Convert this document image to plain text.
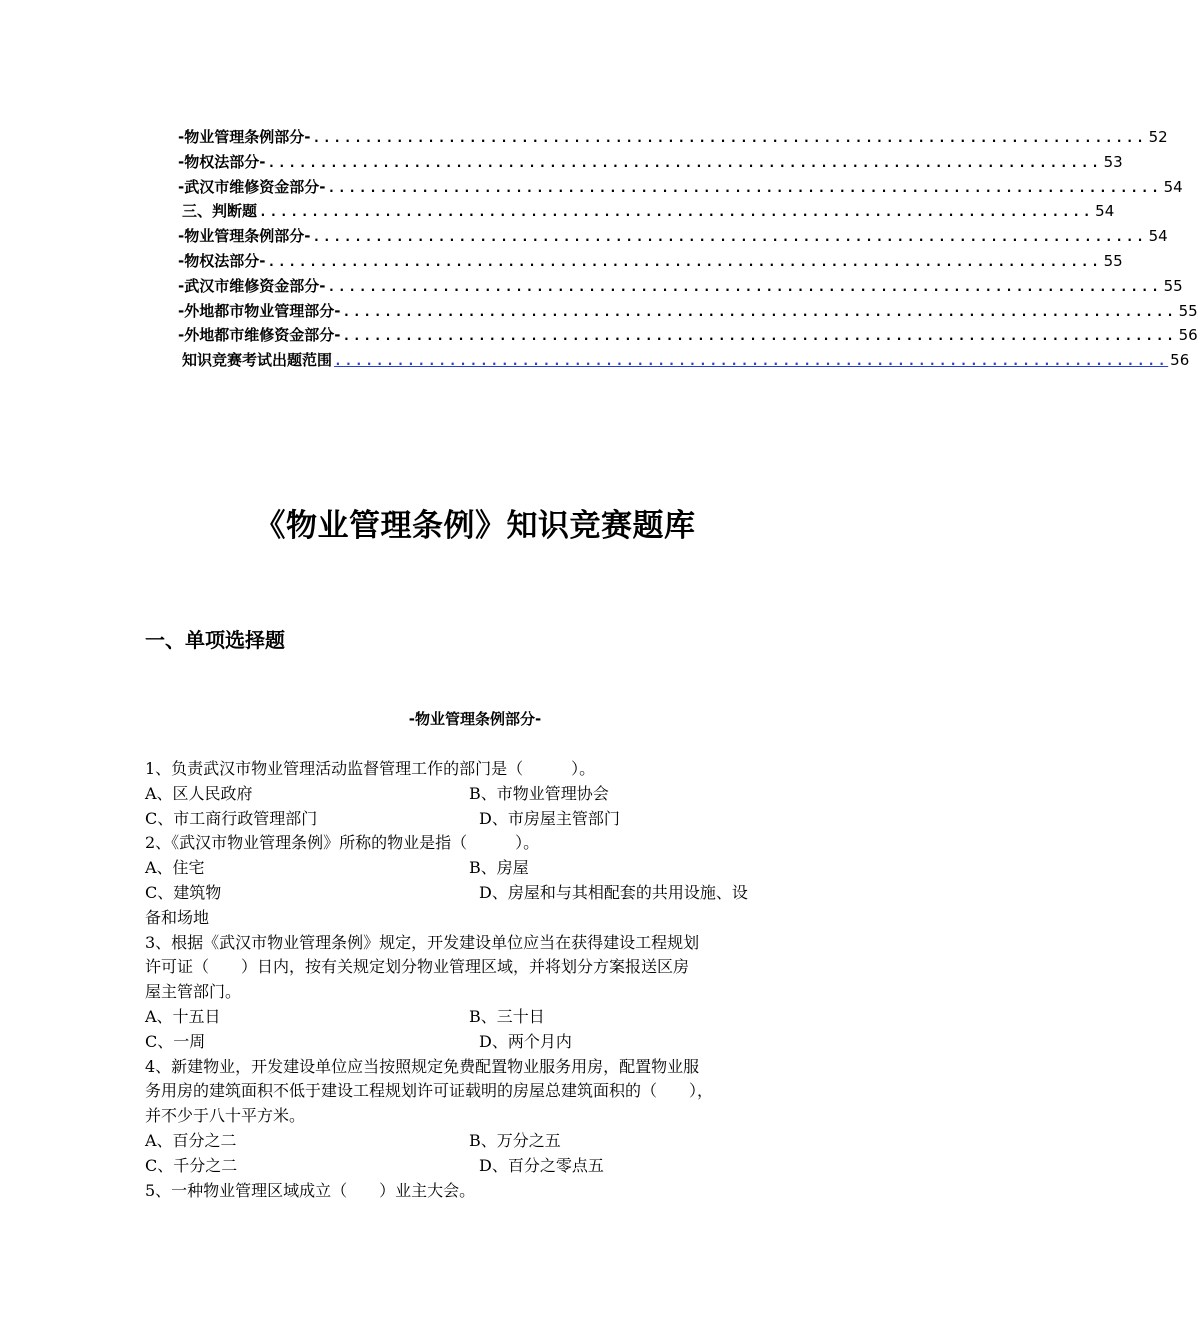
-物业管理条例部分- ................................................................................ 52
-物权法部分- ................................................................................ 53
-武汉市维修资金部分- ................................................................................ 54
三、判断题 ................................................................................ 54
-物业管理条例部分- ................................................................................ 54
-物权法部分- ................................................................................ 55
-武汉市维修资金部分- ................................................................................ 55
-外地都市物业管理部分- ................................................................................ 55
-外地都市维修资金部分- ................................................................................ 56
知识竞赛考试出题范围 ................................................................................ 56
《物业管理条例》知识竞赛题库
一、单项选择题
-物业管理条例部分-
1、负责武汉市物业管理活动监督管理工作的部门是（　　　）。
A、区人民政府	B、市物业管理协会
C、市工商行政管理部门	D、市房屋主管部门
2、《武汉市物业管理条例》所称的物业是指（　　　）。
A、住宅	B、房屋
C、建筑物	D、房屋和与其相配套的共用设施、设
备和场地
3、根据《武汉市物业管理条例》规定，开发建设单位应当在获得建设工程规划
许可证（　　）日内，按有关规定划分物业管理区域，并将划分方案报送区房
屋主管部门。
A、十五日	B、三十日
C、一周	D、两个月内
4、新建物业，开发建设单位应当按照规定免费配置物业服务用房，配置物业服
务用房的建筑面积不低于建设工程规划许可证载明的房屋总建筑面积的（　　），
并不少于八十平方米。
A、百分之二	B、万分之五
C、千分之二	D、百分之零点五
5、一种物业管理区域成立（　　）业主大会。
